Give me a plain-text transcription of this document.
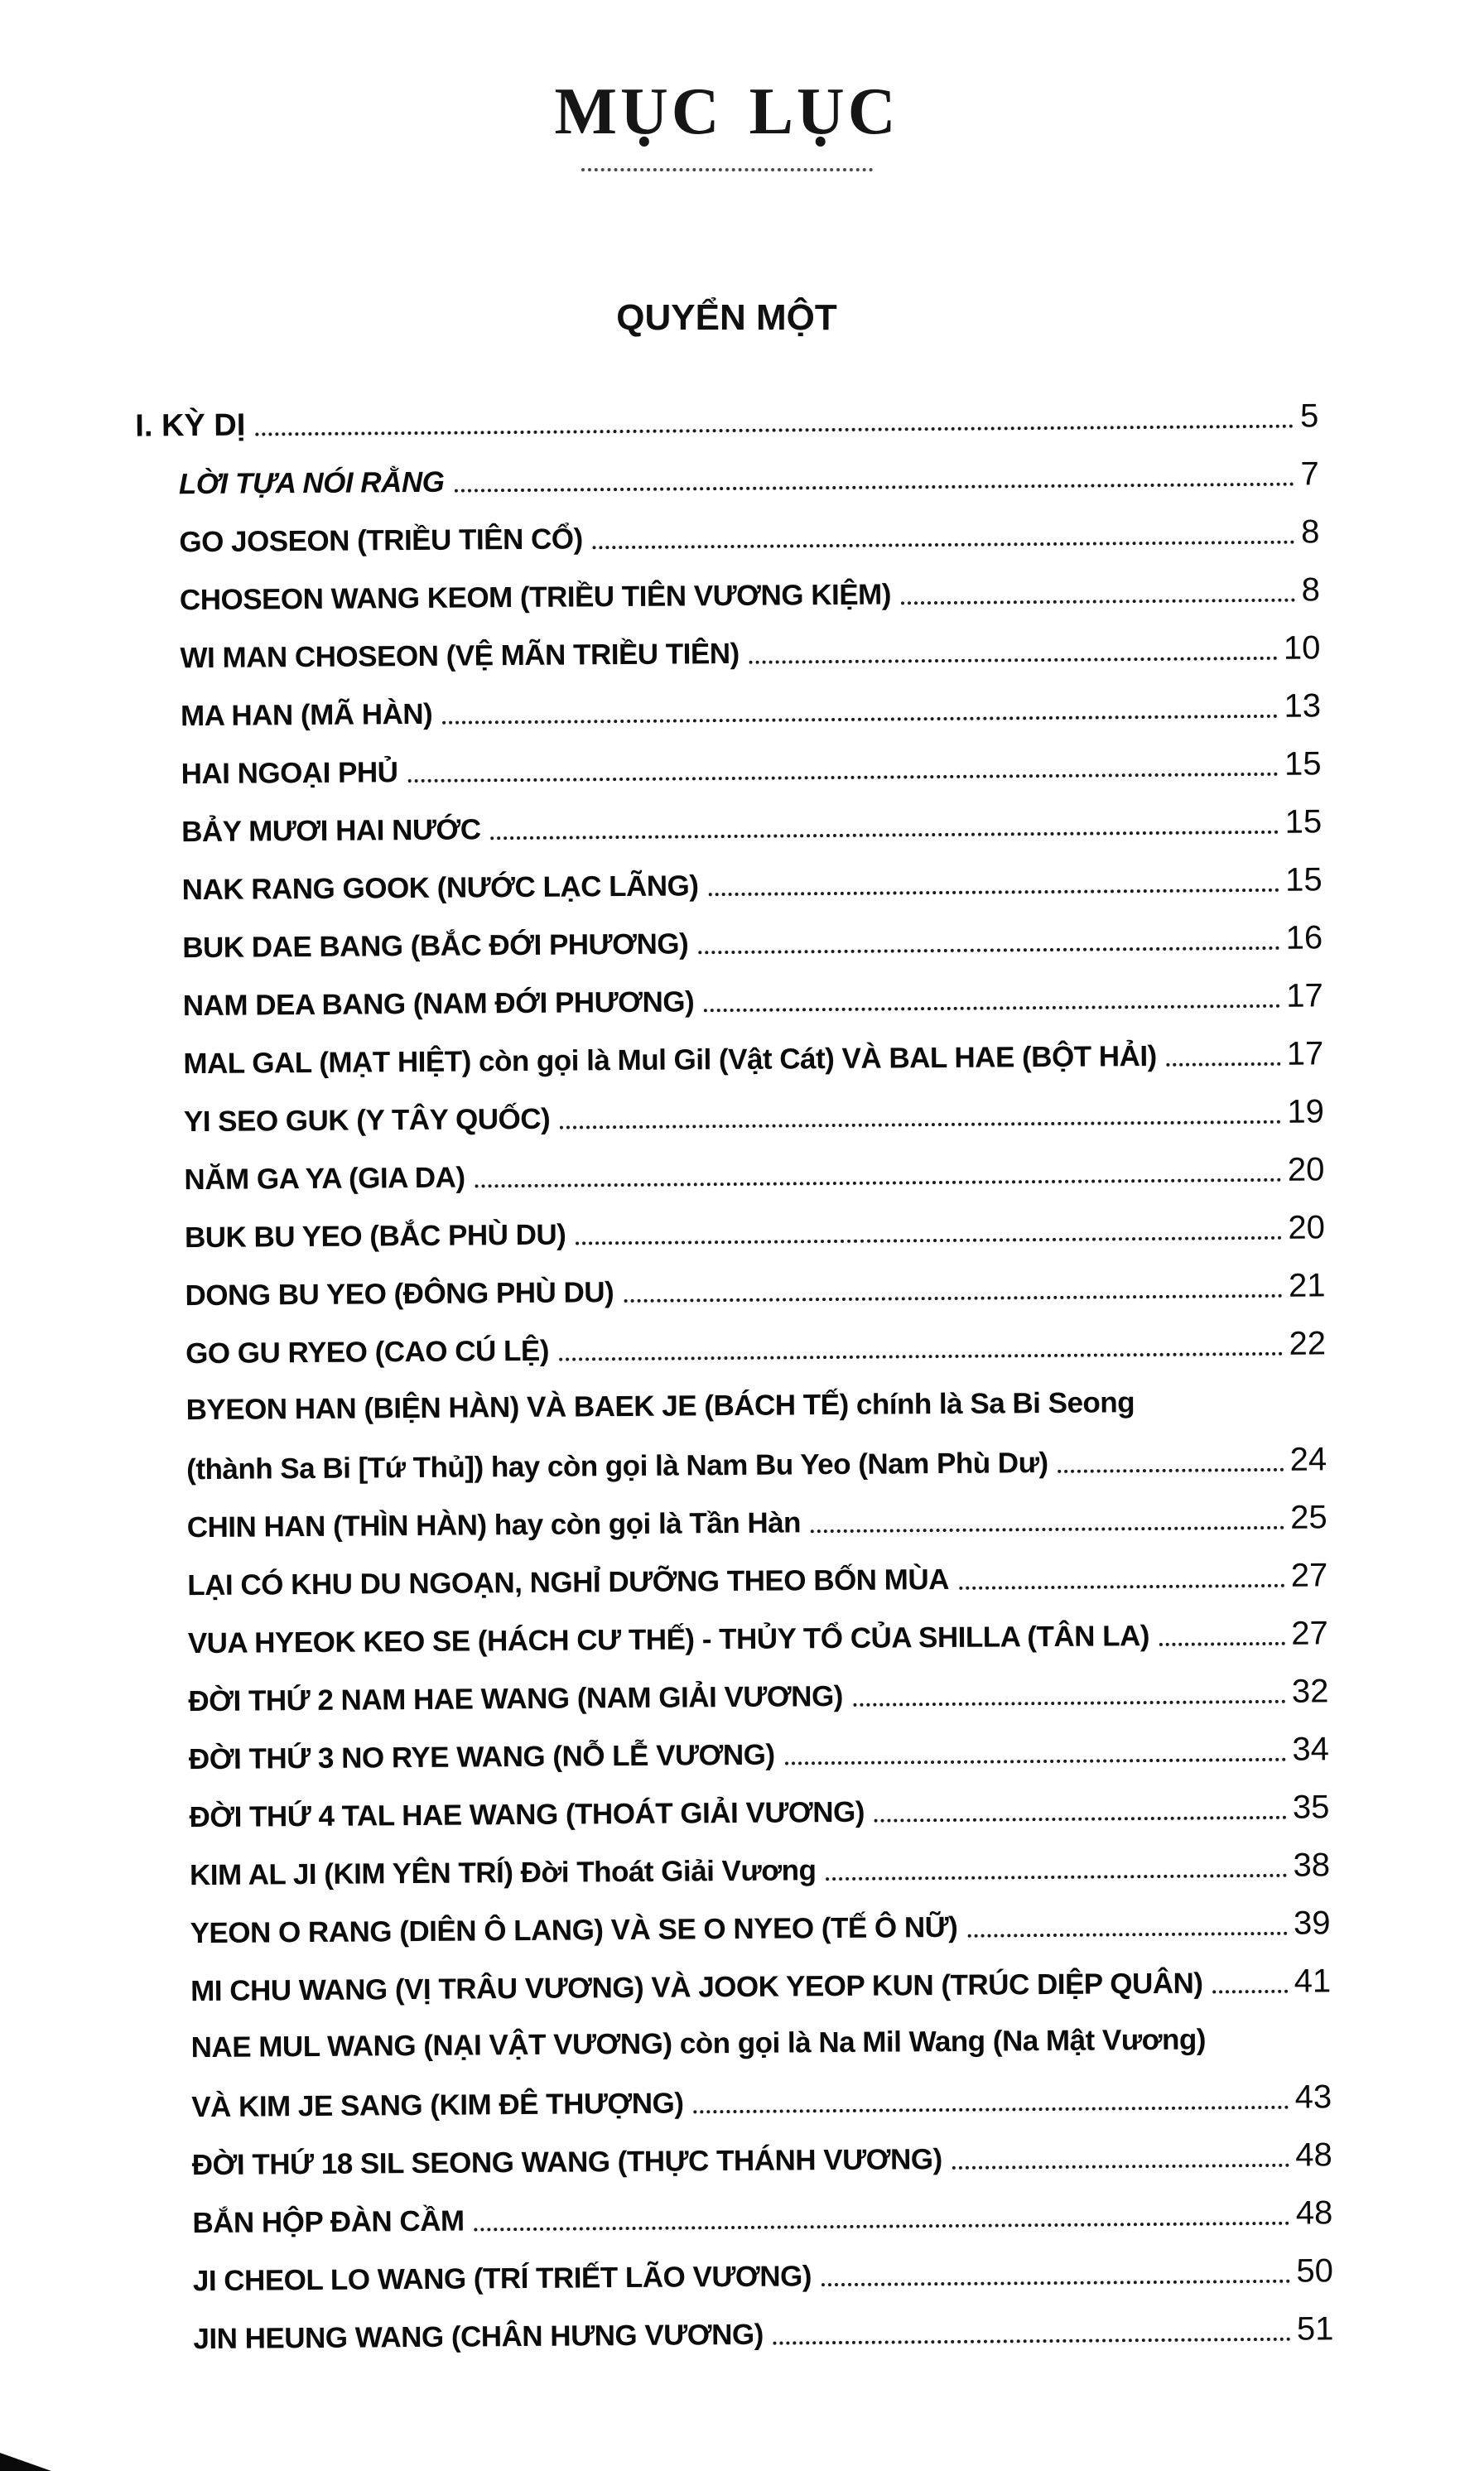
MỤC LỤC
QUYỂN MỘT
I. KỲ DỊ	5
LỜI TỰA NÓI RẰNG	7
GO JOSEON (TRIỀU TIÊN CỔ)	8
CHOSEON WANG KEOM (TRIỀU TIÊN VƯƠNG KIỆM)	8
WI MAN CHOSEON (VỆ MÃN TRIỀU TIÊN)	10
MA HAN (MÃ HÀN)	13
HAI NGOẠI PHỦ	15
BẢY MƯƠI HAI NƯỚC	15
NAK RANG GOOK (NƯỚC LẠC LÃNG)	15
BUK DAE BANG (BẮC ĐỚI PHƯƠNG)	16
NAM DEA BANG (NAM ĐỚI PHƯƠNG)	17
MAL GAL (MẠT HIỆT) còn gọi là Mul Gil (Vật Cát) VÀ BAL HAE (BỘT HẢI)	17
YI SEO GUK (Y TÂY QUỐC)	19
NĂM GA YA (GIA DA)	20
BUK BU YEO (BẮC PHÙ DU)	20
DONG BU YEO (ĐÔNG PHÙ DU)	21
GO GU RYEO (CAO CÚ LỆ)	22
BYEON HAN (BIỆN HÀN) VÀ BAEK JE (BÁCH TẾ) chính là Sa Bi Seong
(thành Sa Bi [Tứ Thủ]) hay còn gọi là Nam Bu Yeo (Nam Phù Dư)	24
CHIN HAN (THÌN HÀN) hay còn gọi là Tần Hàn	25
LẠI CÓ KHU DU NGOẠN, NGHỈ DƯỠNG THEO BỐN MÙA	27
VUA HYEOK KEO SE (HÁCH CƯ THẾ) - THỦY TỔ CỦA SHILLA (TÂN LA)	27
ĐỜI THỨ 2 NAM HAE WANG (NAM GIẢI VƯƠNG)	32
ĐỜI THỨ 3 NO RYE WANG (NỖ LỄ VƯƠNG)	34
ĐỜI THỨ 4 TAL HAE WANG (THOÁT GIẢI VƯƠNG)	35
KIM AL JI (KIM YÊN TRÍ) Đời Thoát Giải Vương	38
YEON O RANG (DIÊN Ô LANG) VÀ SE O NYEO (TẾ Ô NỮ)	39
MI CHU WANG (VỊ TRÂU VƯƠNG) VÀ JOOK YEOP KUN (TRÚC DIỆP QUÂN)	41
NAE MUL WANG (NẠI VẬT VƯƠNG) còn gọi là Na Mil Wang (Na Mật Vương)
VÀ KIM JE SANG (KIM ĐÊ THƯỢNG)	43
ĐỜI THỨ 18 SIL SEONG WANG (THỰC THÁNH VƯƠNG)	48
BẮN HỘP ĐÀN CẦM	48
JI CHEOL LO WANG (TRÍ TRIẾT LÃO VƯƠNG)	50
JIN HEUNG WANG (CHÂN HƯNG VƯƠNG)	51
